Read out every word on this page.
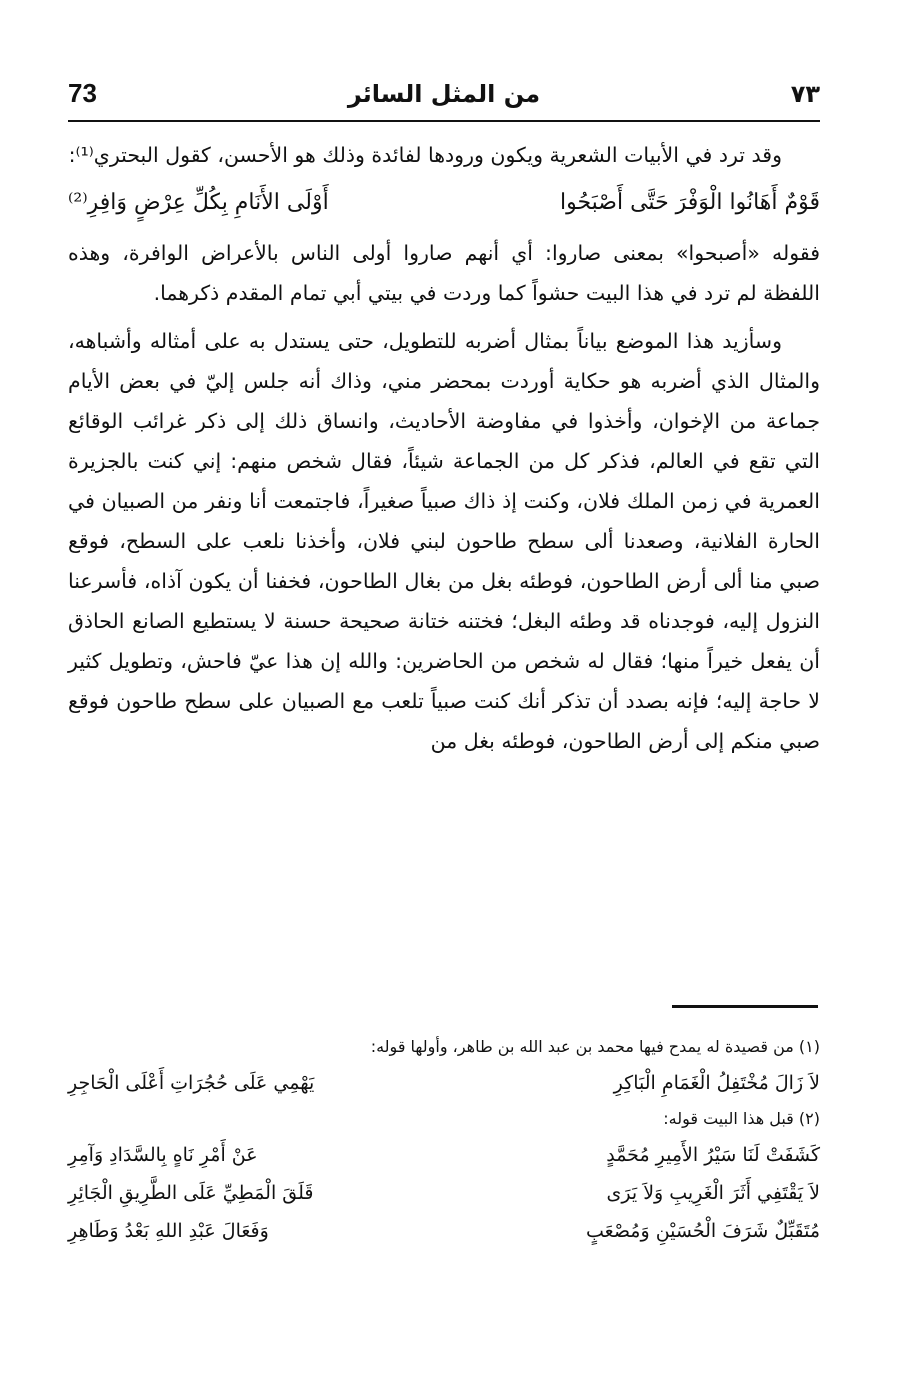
73	من المثل السائر	٧٣

وقد ترد في الأبيات الشعرية ويكون ورودها لفائدة وذلك هو الأحسن، كقول البحتري⁽¹⁾:

قَوْمٌ أَهَانُوا الْوَفْرَ حَتَّى أَصْبَحُوا
أَوْلَى الأَنَامِ بِكُلِّ عِرْضٍ وَافِرِ⁽²⁾

فقوله «أصبحوا» بمعنى صاروا: أي أنهم صاروا أولى الناس بالأعراض الوافرة، وهذه اللفظة لم ترد في هذا البيت حشواً كما وردت في بيتي أبي تمام المقدم ذكرهما.

وسأزيد هذا الموضع بياناً بمثال أضربه للتطويل، حتى يستدل به على أمثاله وأشباهه، والمثال الذي أضربه هو حكاية أوردت بمحضر مني، وذاك أنه جلس إليّ في بعض الأيام جماعة من الإخوان، وأخذوا في مفاوضة الأحاديث، وانساق ذلك إلى ذكر غرائب الوقائع التي تقع في العالم، فذكر كل من الجماعة شيئاً، فقال شخص منهم: إني كنت بالجزيرة العمرية في زمن الملك فلان، وكنت إذ ذاك صبياً صغيراً، فاجتمعت أنا ونفر من الصبيان في الحارة الفلانية، وصعدنا ألى سطح طاحون لبني فلان، وأخذنا نلعب على السطح، فوقع صبي منا ألى أرض الطاحون، فوطئه بغل من بغال الطاحون، فخفنا أن يكون آذاه، فأسرعنا النزول إليه، فوجدناه قد وطئه البغل؛ فختنه ختانة صحيحة حسنة لا يستطيع الصانع الحاذق أن يفعل خيراً منها؛ فقال له شخص من الحاضرين: والله إن هذا عيّ فاحش، وتطويل كثير لا حاجة إليه؛ فإنه بصدد أن تذكر أنك كنت صبياً تلعب مع الصبيان على سطح طاحون فوقع صبي منكم إلى أرض الطاحون، فوطئه بغل من

(١) من قصيدة له يمدح فيها محمد بن عبد الله بن طاهر، وأولها قوله:

لاَ زَالَ مُخْتَفِلُ الْغَمَامِ الْبَاكِرِ
يَهْمِي عَلَى حُجُرَاتِ أَعْلَى الْحَاجِرِ

(٢) قبل هذا البيت قوله:

كَشَفَتْ لَنَا سَيْرُ الأَمِيرِ مُحَمَّدٍ
عَنْ أَمْرِ نَاهٍ بِالسَّدَادِ وَآمِرِ
لاَ يَقْتَفِي أَثَرَ الْغَرِيبِ وَلاَ يَرَى
قَلَقَ الْمَطِيِّ عَلَى الطَّرِيقِ الْجَائِرِ
مُتَقَبِّلٌ شَرَفَ الْحُسَيْنِ وَمُصْعَبٍ
وَفَعَالَ عَبْدِ اللهِ بَعْدُ وَطَاهِرِ
